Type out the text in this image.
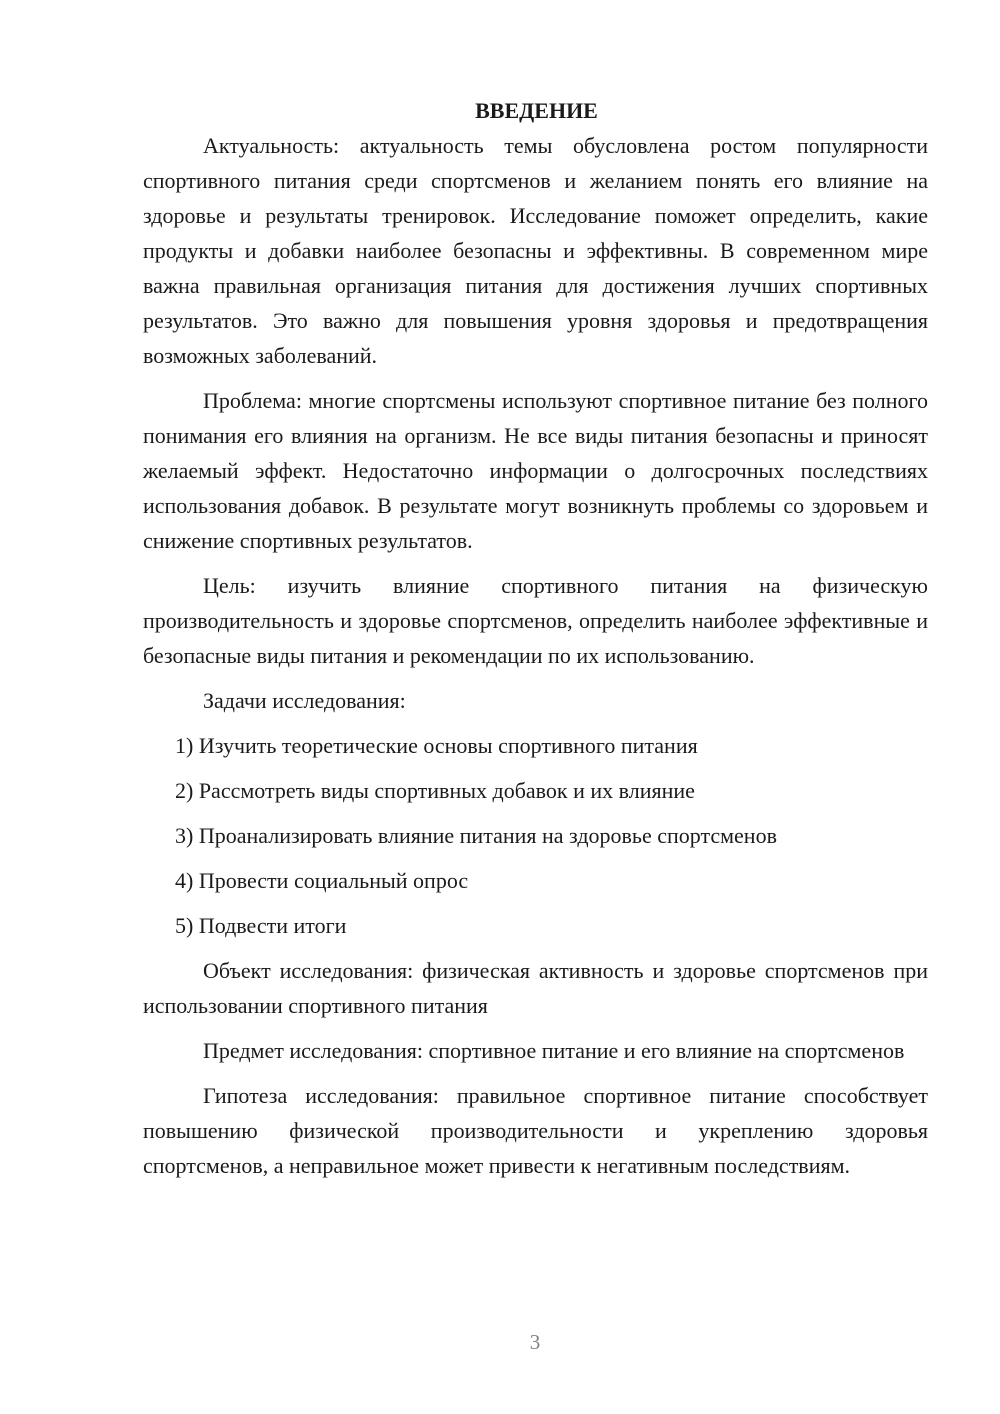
ВВЕДЕНИЕ

Актуальность: актуальность темы обусловлена ростом популярности спортивного питания среди спортсменов и желанием понять его влияние на здоровье и результаты тренировок. Исследование поможет определить, какие продукты и добавки наиболее безопасны и эффективны. В современном мире важна правильная организация питания для достижения лучших спортивных результатов. Это важно для повышения уровня здоровья и предотвращения возможных заболеваний.

Проблема: многие спортсмены используют спортивное питание без полного понимания его влияния на организм. Не все виды питания безопасны и приносят желаемый эффект. Недостаточно информации о долгосрочных последствиях использования добавок. В результате могут возникнуть проблемы со здоровьем и снижение спортивных результатов.

Цель: изучить влияние спортивного питания на физическую производительность и здоровье спортсменов, определить наиболее эффективные и безопасные виды питания и рекомендации по их использованию.

Задачи исследования:

1) Изучить теоретические основы спортивного питания

2) Рассмотреть виды спортивных добавок и их влияние

3) Проанализировать влияние питания на здоровье спортсменов

4) Провести социальный опрос

5) Подвести итоги

Объект исследования: физическая активность и здоровье спортсменов при использовании спортивного питания

Предмет исследования: спортивное питание и его влияние на спортсменов

Гипотеза исследования: правильное спортивное питание способствует повышению физической производительности и укреплению здоровья спортсменов, а неправильное может привести к негативным последствиям.

3
